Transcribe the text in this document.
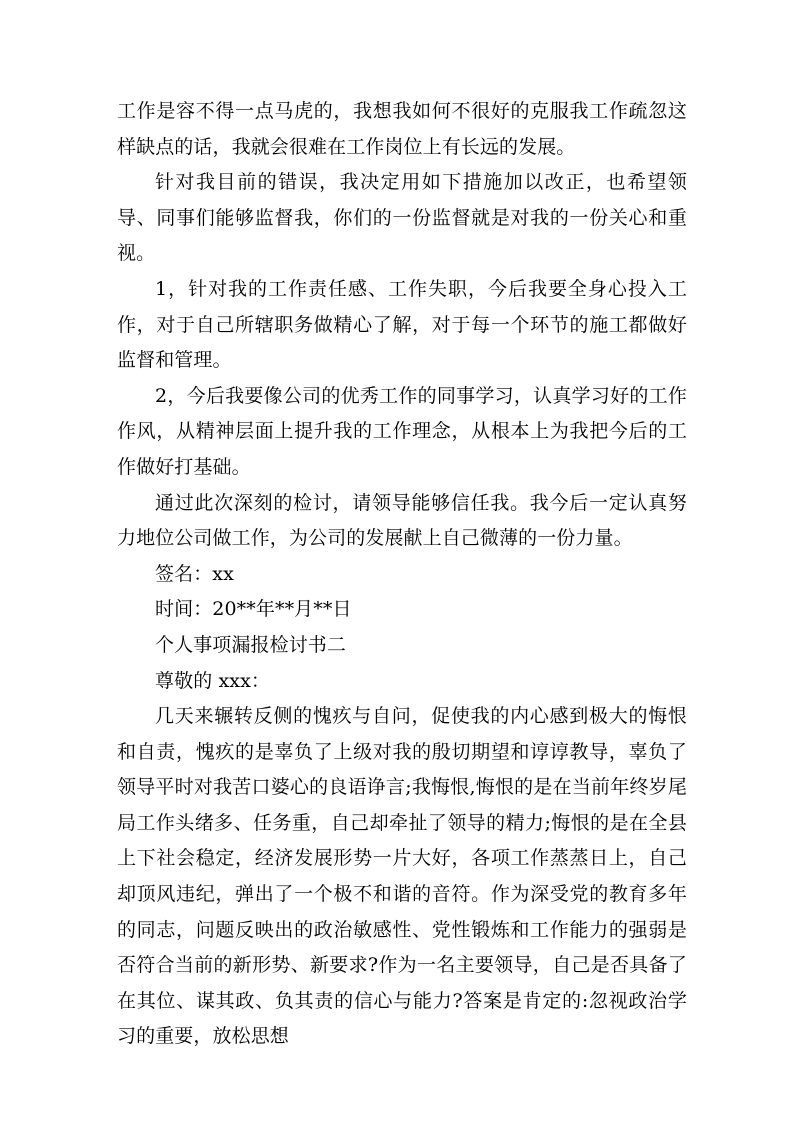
工作是容不得一点马虎的，我想我如何不很好的克服我工作疏忽这样缺点的话，我就会很难在工作岗位上有长远的发展。

针对我目前的错误，我决定用如下措施加以改正，也希望领导、同事们能够监督我，你们的一份监督就是对我的一份关心和重视。

1，针对我的工作责任感、工作失职，今后我要全身心投入工作，对于自己所辖职务做精心了解，对于每一个环节的施工都做好监督和管理。

2，今后我要像公司的优秀工作的同事学习，认真学习好的工作作风，从精神层面上提升我的工作理念，从根本上为我把今后的工作做好打基础。

通过此次深刻的检讨，请领导能够信任我。我今后一定认真努力地位公司做工作，为公司的发展献上自己微薄的一份力量。

签名：xx

时间：20**年**月**日

个人事项漏报检讨书二

尊敬的 xxx：

几天来辗转反侧的愧疚与自问，促使我的内心感到极大的悔恨和自责，愧疚的是辜负了上级对我的殷切期望和谆谆教导，辜负了领导平时对我苦口婆心的良语诤言;我悔恨,悔恨的是在当前年终岁尾局工作头绪多、任务重，自己却牵扯了领导的精力;悔恨的是在全县上下社会稳定，经济发展形势一片大好，各项工作蒸蒸日上，自己却顶风违纪，弹出了一个极不和谐的音符。作为深受党的教育多年的同志，问题反映出的政治敏感性、党性锻炼和工作能力的强弱是否符合当前的新形势、新要求?作为一名主要领导，自己是否具备了在其位、谋其政、负其责的信心与能力?答案是肯定的:忽视政治学习的重要，放松思想
